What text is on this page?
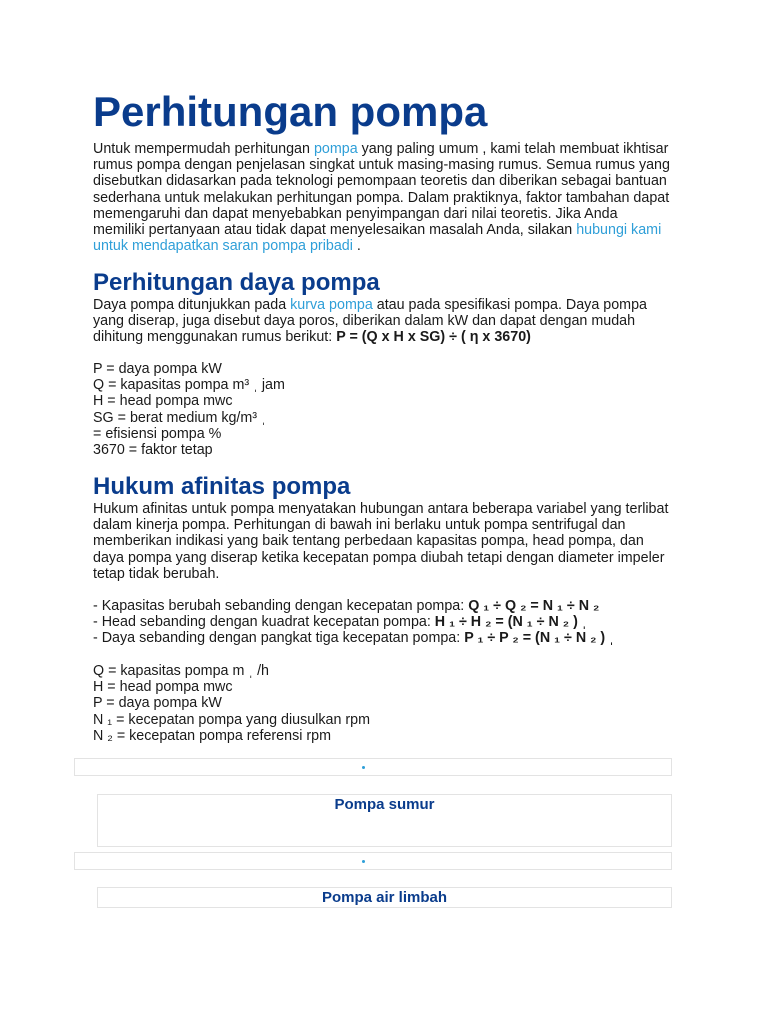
Perhitungan pompa

Untuk mempermudah perhitungan pompa yang paling umum , kami telah membuat ikhtisar rumus pompa dengan penjelasan singkat untuk masing-masing rumus. Semua rumus yang disebutkan didasarkan pada teknologi pemompaan teoretis dan diberikan sebagai bantuan sederhana untuk melakukan perhitungan pompa. Dalam praktiknya, faktor tambahan dapat memengaruhi dan dapat menyebabkan penyimpangan dari nilai teoretis. Jika Anda memiliki pertanyaan atau tidak dapat menyelesaikan masalah Anda, silakan hubungi kami untuk mendapatkan saran pompa pribadi .

Perhitungan daya pompa

Daya pompa ditunjukkan pada kurva pompa atau pada spesifikasi pompa. Daya pompa yang diserap, juga disebut daya poros, diberikan dalam kW dan dapat dengan mudah dihitung menggunakan rumus berikut: P = (Q x H x SG) ÷ ( η x 3670)

P = daya pompa kW
Q = kapasitas pompa m³ ˌ jam
H = head pompa mwc
SG = berat medium kg/m³ ˌ
= efisiensi pompa %
3670 = faktor tetap
Hukum afinitas pompa

Hukum afinitas untuk pompa menyatakan hubungan antara beberapa variabel yang terlibat dalam kinerja pompa. Perhitungan di bawah ini berlaku untuk pompa sentrifugal dan memberikan indikasi yang baik tentang perbedaan kapasitas pompa, head pompa, dan daya pompa yang diserap ketika kecepatan pompa diubah tetapi dengan diameter impeler tetap tidak berubah.

- Kapasitas berubah sebanding dengan kecepatan pompa: Q ₁ ÷ Q ₂ = N ₁ ÷ N ₂
- Head sebanding dengan kuadrat kecepatan pompa: H ₁ ÷ H ₂ = (N ₁ ÷ N ₂ ) ˌ
- Daya sebanding dengan pangkat tiga kecepatan pompa: P ₁ ÷ P ₂ = (N ₁ ÷ N ₂ ) ˌ
Q = kapasitas pompa m ˌ /h
H = head pompa mwc
P = daya pompa kW
N ₁ = kecepatan pompa yang diusulkan rpm
N ₂ = kecepatan pompa referensi rpm
Pompa sumur
Pompa air limbah
